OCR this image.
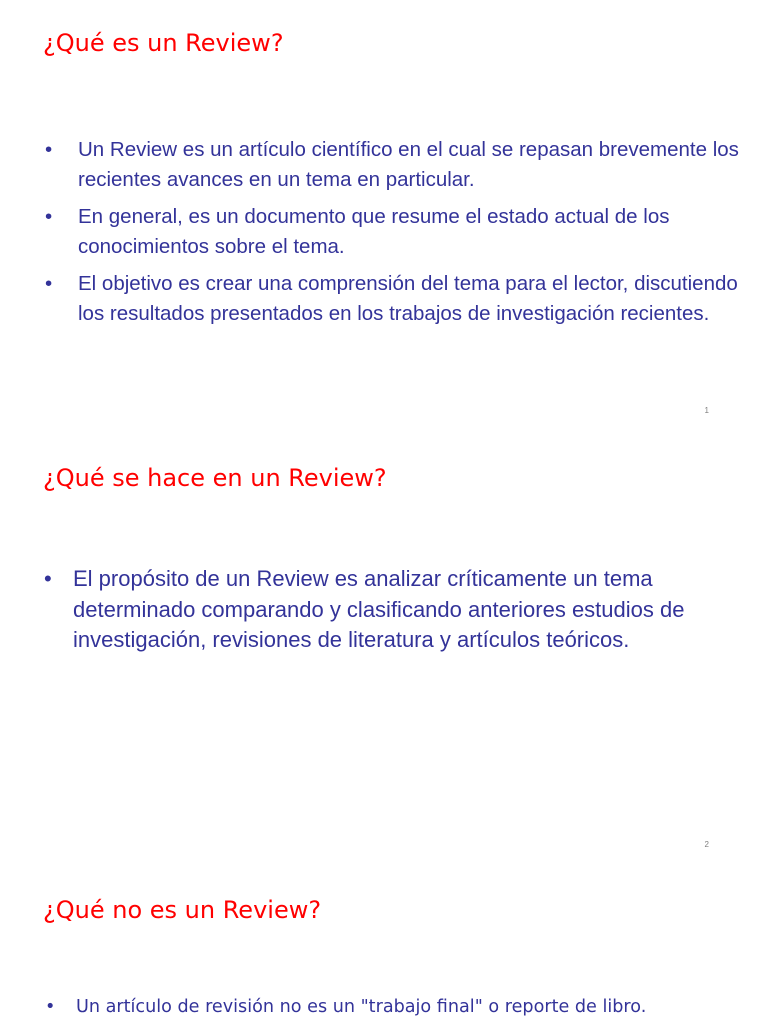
¿Qué es un Review?
• Un Review es un artículo científico en el cual se repasan brevemente los recientes avances en un tema en particular.
• En general, es un documento que resume el estado actual de los conocimientos sobre el tema.
• El objetivo es crear una comprensión del tema para el lector, discutiendo los resultados presentados en los trabajos de investigación recientes.
1
¿Qué se hace en un Review?
• El propósito de un Review es analizar críticamente un tema determinado comparando y clasificando anteriores estudios de investigación, revisiones de literatura y artículos teóricos.
2
¿Qué no es un Review?
• Un artículo de revisión no es un "trabajo final" o reporte de libro.
